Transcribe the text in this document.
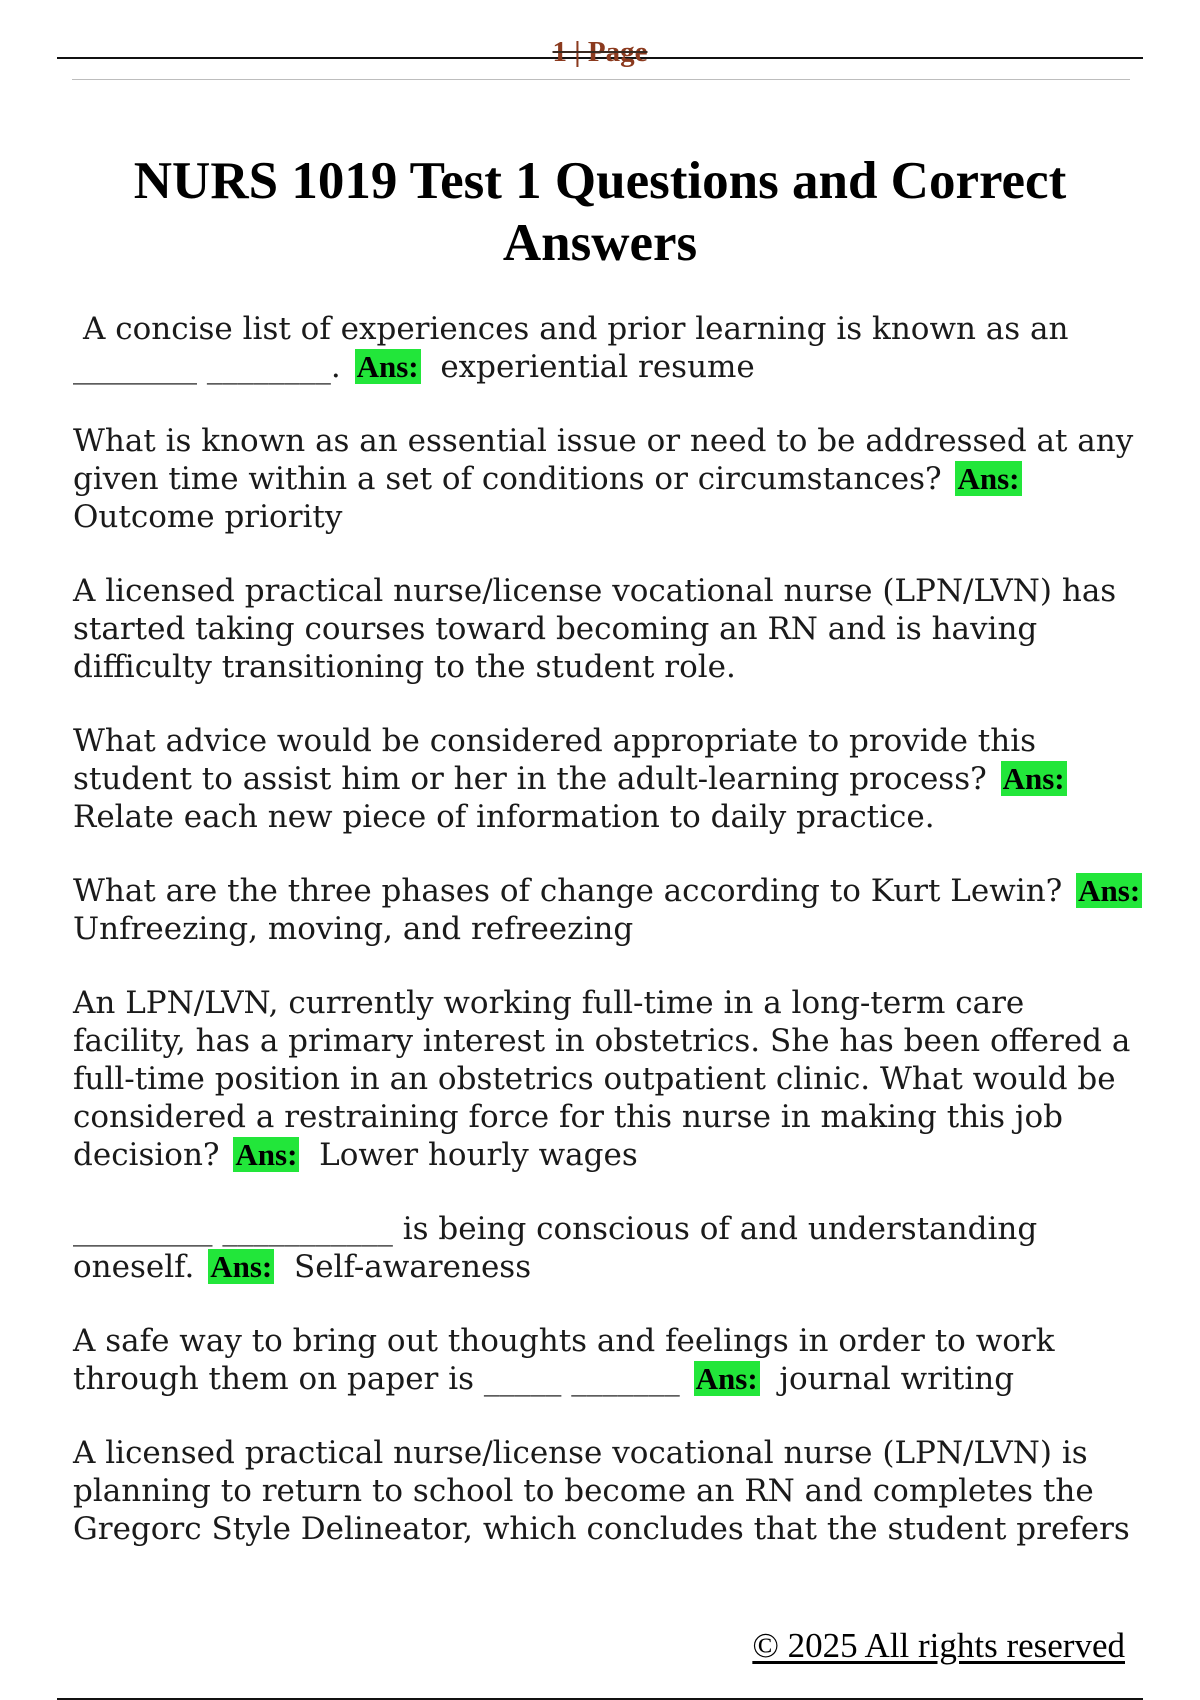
1 | Page
NURS 1019 Test 1 Questions and Correct Answers

A concise list of experiences and prior learning is known as an ________ ________. Ans: experiential resume

What is known as an essential issue or need to be addressed at any given time within a set of conditions or circumstances? Ans: Outcome priority

A licensed practical nurse/license vocational nurse (LPN/LVN) has started taking courses toward becoming an RN and is having difficulty transitioning to the student role.

What advice would be considered appropriate to provide this student to assist him or her in the adult-learning process? Ans: Relate each new piece of information to daily practice.

What are the three phases of change according to Kurt Lewin? Ans: Unfreezing, moving, and refreezing

An LPN/LVN, currently working full-time in a long-term care facility, has a primary interest in obstetrics. She has been offered a full-time position in an obstetrics outpatient clinic. What would be considered a restraining force for this nurse in making this job decision? Ans: Lower hourly wages

_________ ___________ is being conscious of and understanding oneself. Ans: Self-awareness

A safe way to bring out thoughts and feelings in order to work through them on paper is _____ _______ Ans: journal writing

A licensed practical nurse/license vocational nurse (LPN/LVN) is planning to return to school to become an RN and completes the Gregorc Style Delineator, which concludes that the student prefers

© 2025 All rights reserved
